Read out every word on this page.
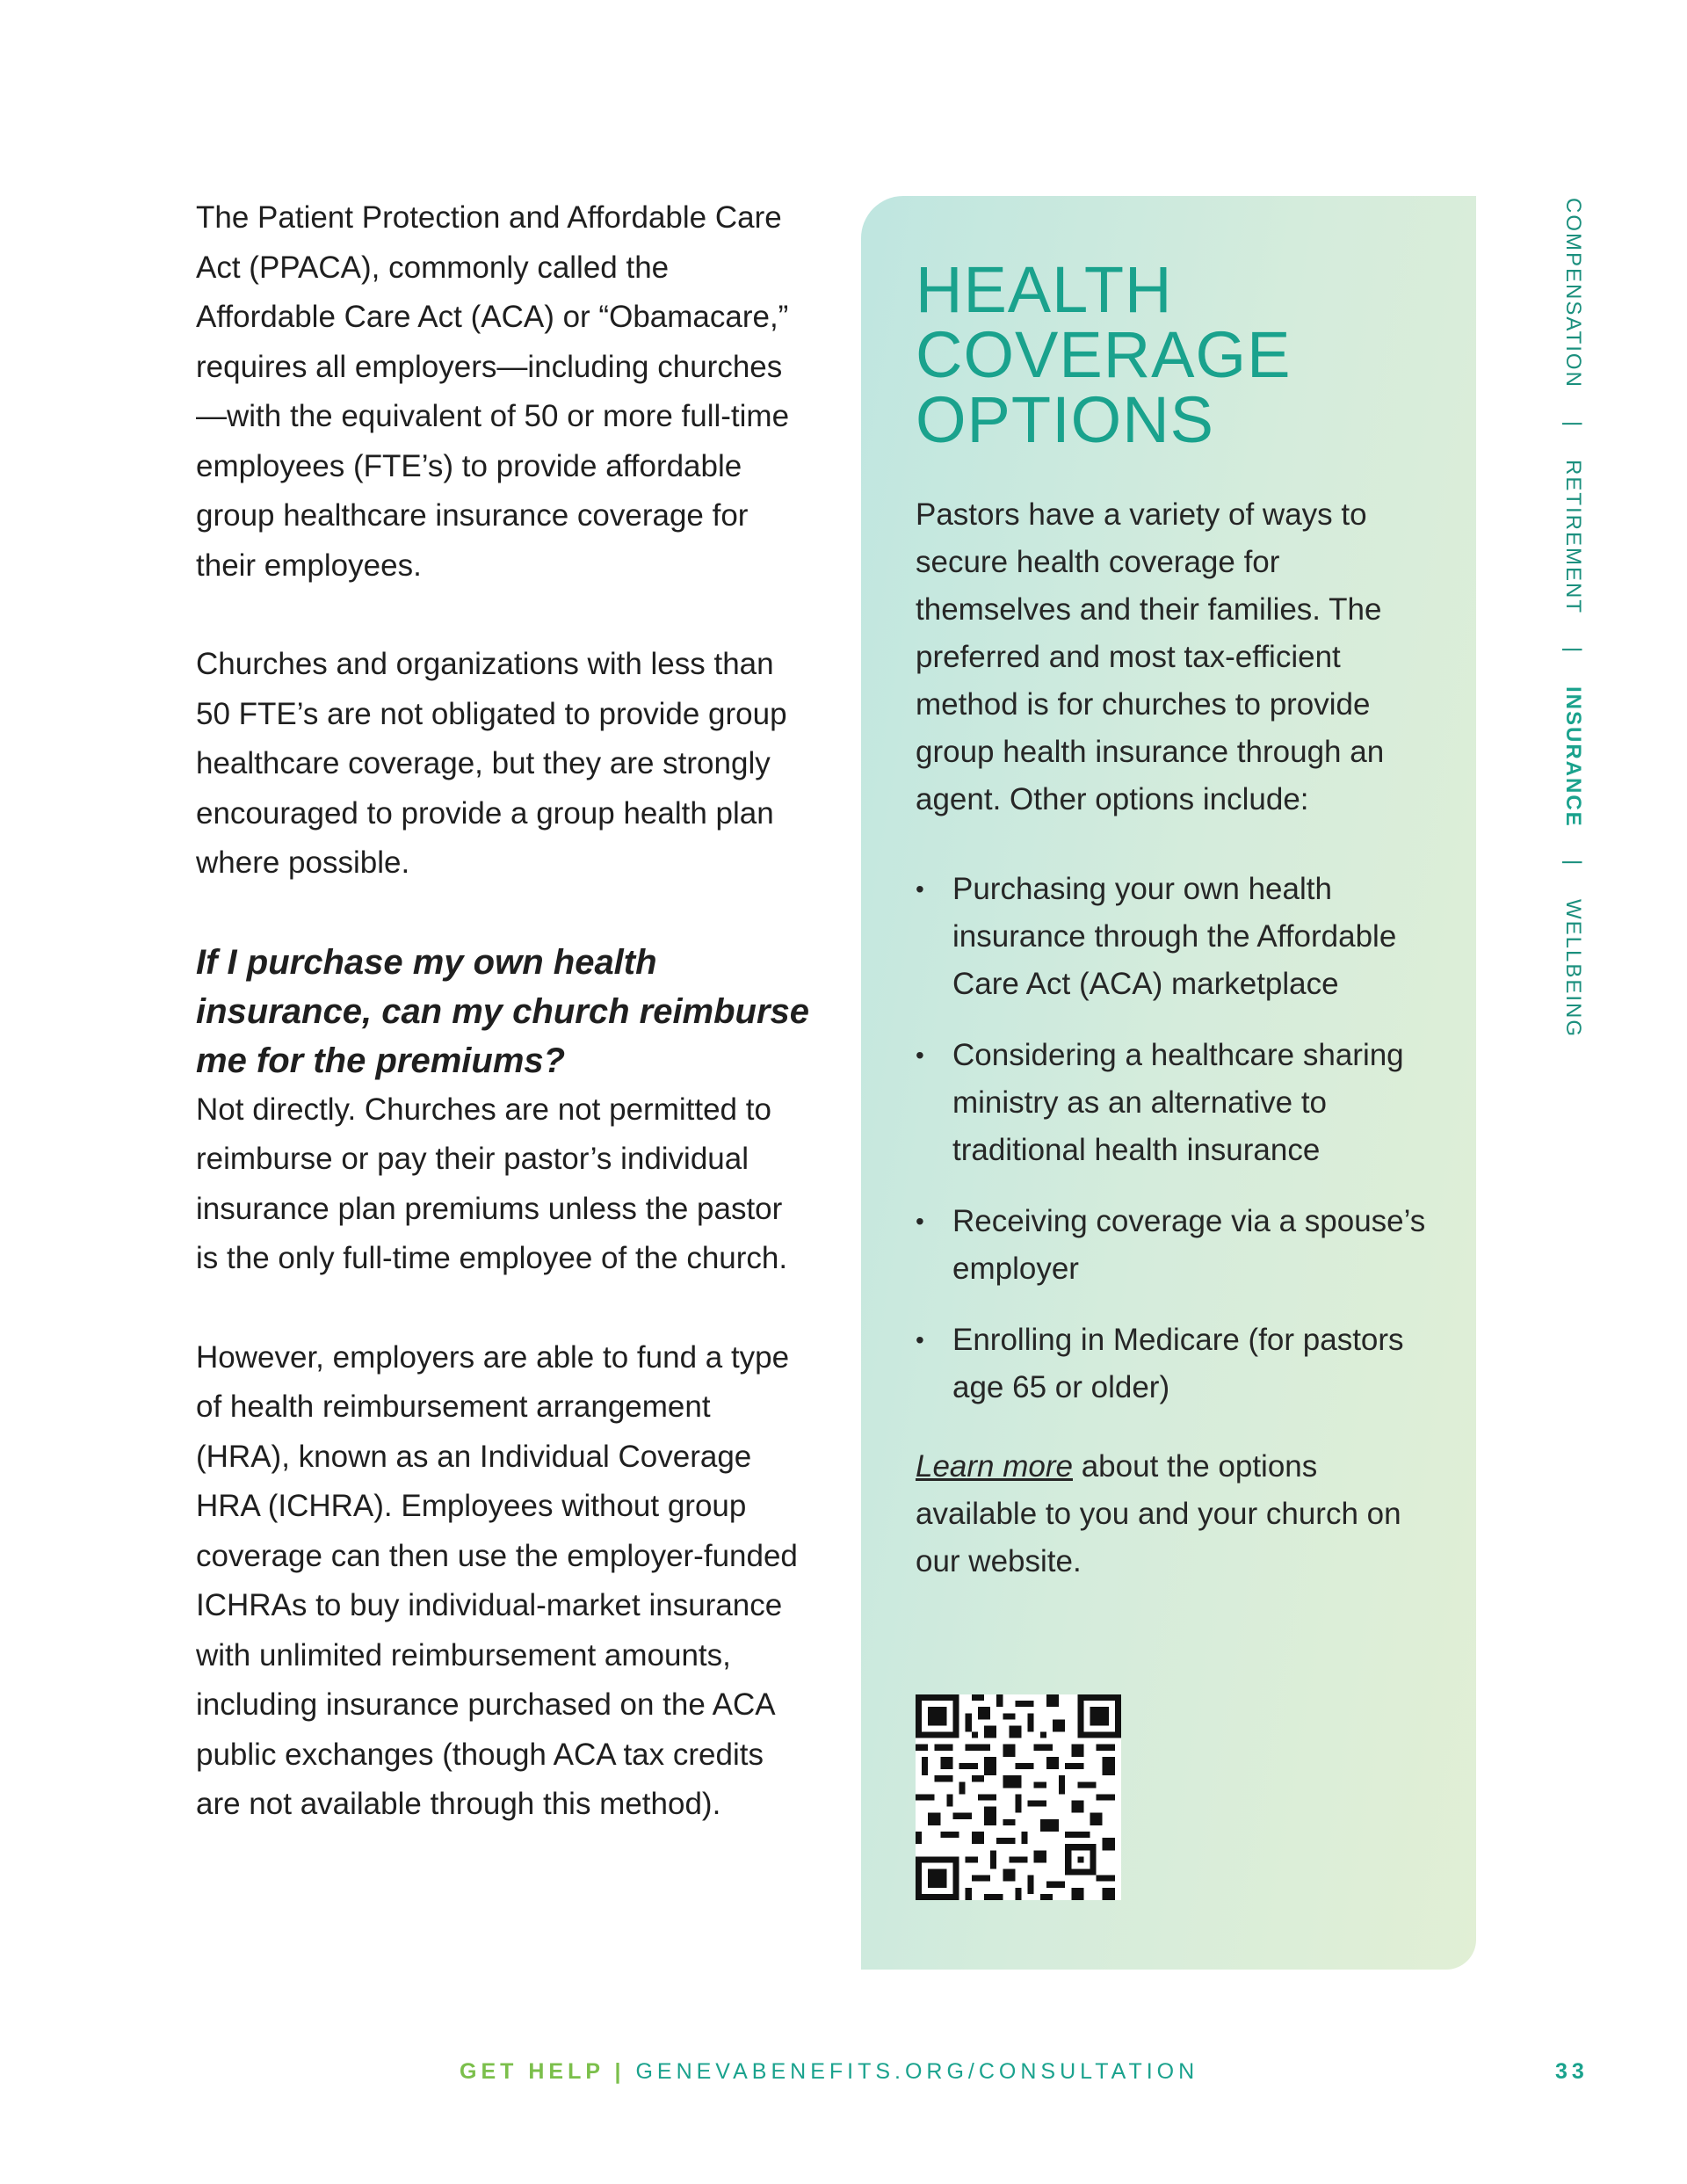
The Patient Protection and Affordable Care Act (PPACA), commonly called the Affordable Care Act (ACA) or “Obamacare,” requires all employers—including churches—with the equivalent of 50 or more full-time employees (FTE’s) to provide affordable group healthcare insurance coverage for their employees.

Churches and organizations with less than 50 FTE’s are not obligated to provide group healthcare coverage, but they are strongly encouraged to provide a group health plan where possible.

If I purchase my own health insurance, can my church reimburse me for the premiums?

Not directly. Churches are not permitted to reimburse or pay their pastor’s individual insurance plan premiums unless the pastor is the only full-time employee of the church.

However, employers are able to fund a type of health reimbursement arrangement (HRA), known as an Individual Coverage HRA (ICHRA). Employees without group coverage can then use the employer-funded ICHRAs to buy individual-market insurance with unlimited reimbursement amounts, including insurance purchased on the ACA public exchanges (though ACA tax credits are not available through this method).

HEALTH
COVERAGE
OPTIONS

Pastors have a variety of ways to secure health coverage for themselves and their families. The preferred and most tax-efficient method is for churches to provide group health insurance through an agent. Other options include:

• Purchasing your own health insurance through the Affordable Care Act (ACA) marketplace
• Considering a healthcare sharing ministry as an alternative to traditional health insurance
• Receiving coverage via a spouse’s employer
• Enrolling in Medicare (for pastors age 65 or older)

Learn more about the options available to you and your church on our website.

COMPENSATION | RETIREMENT | INSURANCE | WELLBEING
GET HELP | GENEVABENEFITS.ORG/CONSULTATION	33
